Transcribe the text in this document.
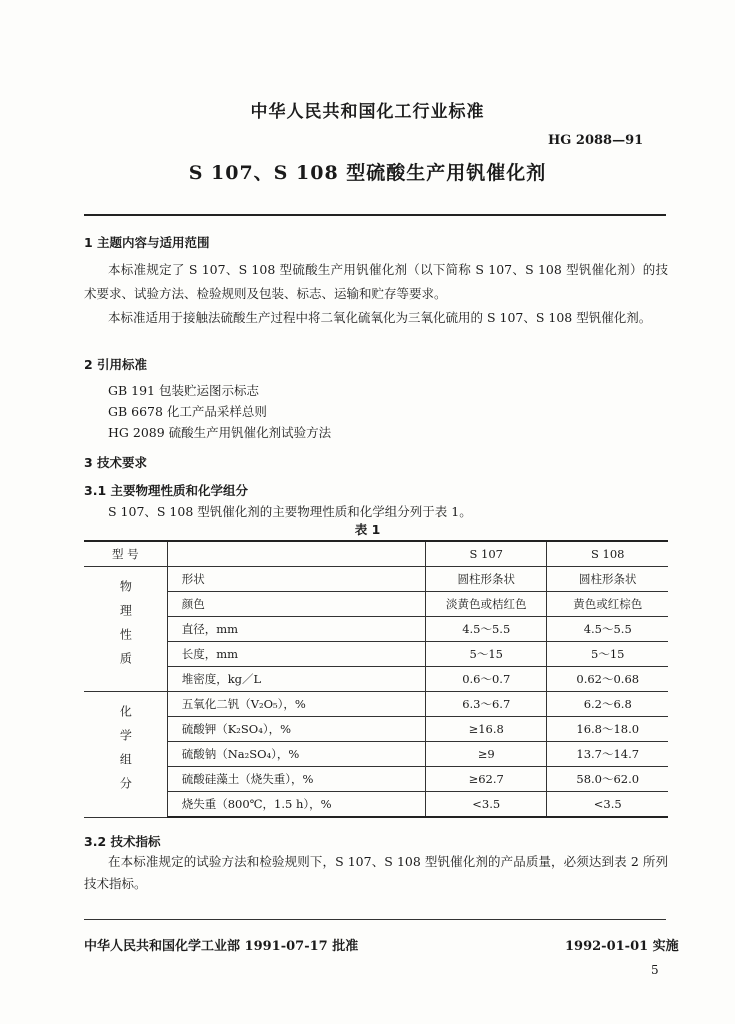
中华人民共和国化工行业标准
HG 2088—91
S 107、S 108 型硫酸生产用钒催化剂
1 主题内容与适用范围

本标准规定了 S 107、S 108 型硫酸生产用钒催化剂（以下简称 S 107、S 108 型钒催化剂）的技术要求、试验方法、检验规则及包装、标志、运输和贮存等要求。

本标准适用于接触法硫酸生产过程中将二氧化硫氧化为三氧化硫用的 S 107、S 108 型钒催化剂。

2 引用标准
GB 191 包装贮运图示标志
GB 6678 化工产品采样总则
HG 2089 硫酸生产用钒催化剂试验方法
3 技术要求
3.1 主要物理性质和化学组分
S 107、S 108 型钒催化剂的主要物理性质和化学组分列于表 1。
表 1
型 号		S 107	S 108
物理性质	形状	圆柱形条状	圆柱形条状
	颜色	淡黄色或桔红色	黄色或红棕色
	直径，mm	4.5～5.5	4.5～5.5
	长度，mm	5～15	5～15
	堆密度，kg／L	0.6～0.7	0.62～0.68
化学组分	五氧化二钒（V₂O₅），%	6.3～6.7	6.2～6.8
	硫酸钾（K₂SO₄），%	≥16.8	16.8～18.0
	硫酸钠（Na₂SO₄），%	≥9	13.7～14.7
	硫酸硅藻土（烧失重），%	≥62.7	58.0～62.0
	烧失重（800℃，1.5 h），%	<3.5	<3.5
3.2 技术指标

在本标准规定的试验方法和检验规则下，S 107、S 108 型钒催化剂的产品质量，必须达到表 2 所列技术指标。

中华人民共和国化学工业部 1991-07-17 批准	1992-01-01 实施
5
